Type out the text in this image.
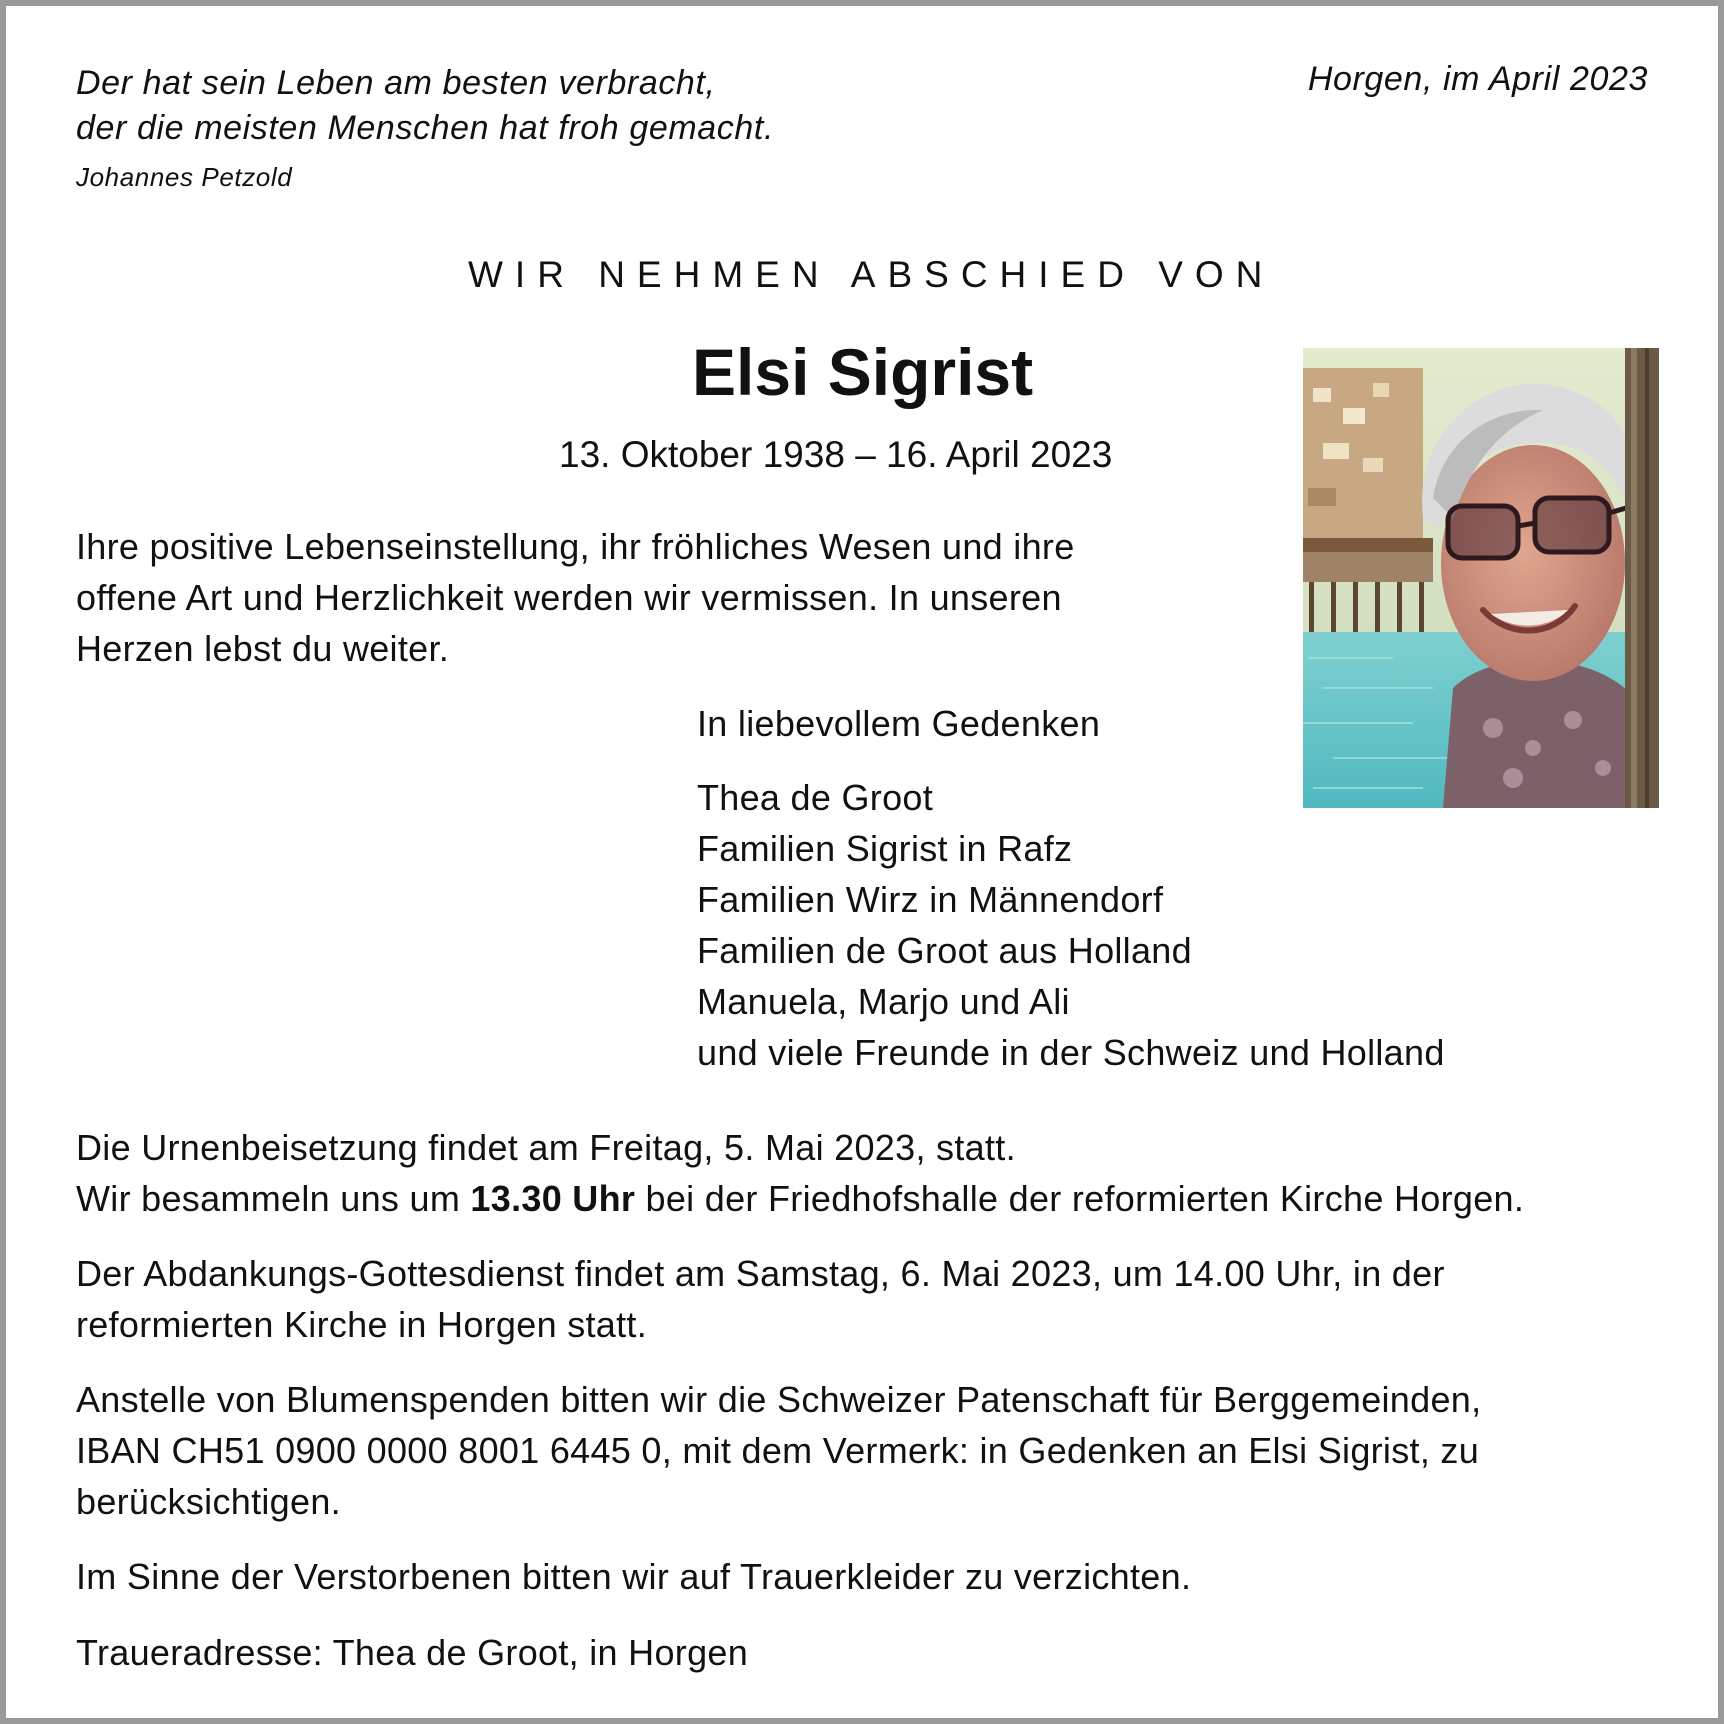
Der hat sein Leben am besten verbracht,
der die meisten Menschen hat froh gemacht.
Johannes Petzold
Horgen, im April 2023
WIR NEHMEN ABSCHIED VON
Elsi Sigrist
13. Oktober 1938 – 16. April 2023
Ihre positive Lebenseinstellung, ihr fröhliches Wesen und ihre
offene Art und Herzlichkeit werden wir vermissen. In unseren
Herzen lebst du weiter.
In liebevollem Gedenken
Thea de Groot
Familien Sigrist in Rafz
Familien Wirz in Männendorf
Familien de Groot aus Holland
Manuela, Marjo und Ali
und viele Freunde in der Schweiz und Holland
Die Urnenbeisetzung findet am Freitag, 5. Mai 2023, statt.
Wir besammeln uns um 13.30 Uhr bei der Friedhofshalle der reformierten Kirche Horgen.
Der Abdankungs-Gottesdienst findet am Samstag, 6. Mai 2023, um 14.00 Uhr, in der
reformierten Kirche in Horgen statt.
Anstelle von Blumenspenden bitten wir die Schweizer Patenschaft für Berggemeinden,
IBAN CH51 0900 0000 8001 6445 0, mit dem Vermerk: in Gedenken an Elsi Sigrist, zu
berücksichtigen.
Im Sinne der Verstorbenen bitten wir auf Trauerkleider zu verzichten.
Traueradresse: Thea de Groot, in Horgen
